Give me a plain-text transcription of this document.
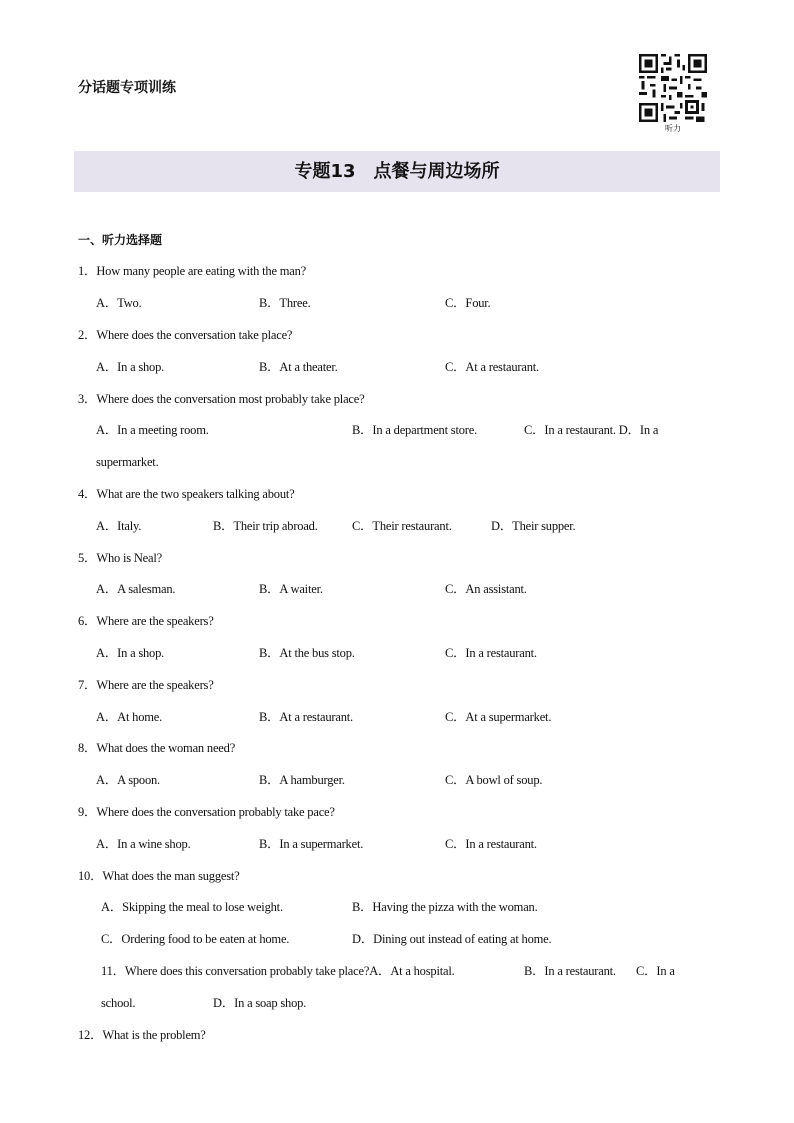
分话题专项训练
听力
专题13　点餐与周边场所
一、听力选择题
1．How many people are eating with the man?
A．Two.	B．Three.	C．Four.
2．Where does the conversation take place?
A．In a shop.	B．At a theater.	C．At a restaurant.
3．Where does the conversation most probably take place?
A．In a meeting room.	B．In a department store.	C．In a restaurant. D．In a
supermarket.
4．What are the two speakers talking about?
A．Italy.	B．Their trip abroad.	C．Their restaurant.	D．Their supper.
5．Who is Neal?
A．A salesman.	B．A waiter.	C．An assistant.
6．Where are the speakers?
A．In a shop.	B．At the bus stop.	C．In a restaurant.
7．Where are the speakers?
A．At home.	B．At a restaurant.	C．At a supermarket.
8．What does the woman need?
A．A spoon.	B．A hamburger.	C．A bowl of soup.
9．Where does the conversation probably take pace?
A．In a wine shop.	B．In a supermarket.	C．In a restaurant.
10．What does the man suggest?
A．Skipping the meal to lose weight.	B．Having the pizza with the woman.
C．Ordering food to be eaten at home.	D．Dining out instead of eating at home.
11．Where does this conversation probably take place?A．At a hospital.	B．In a restaurant. C．In a
school.	D．In a soap shop.
12．What is the problem?
